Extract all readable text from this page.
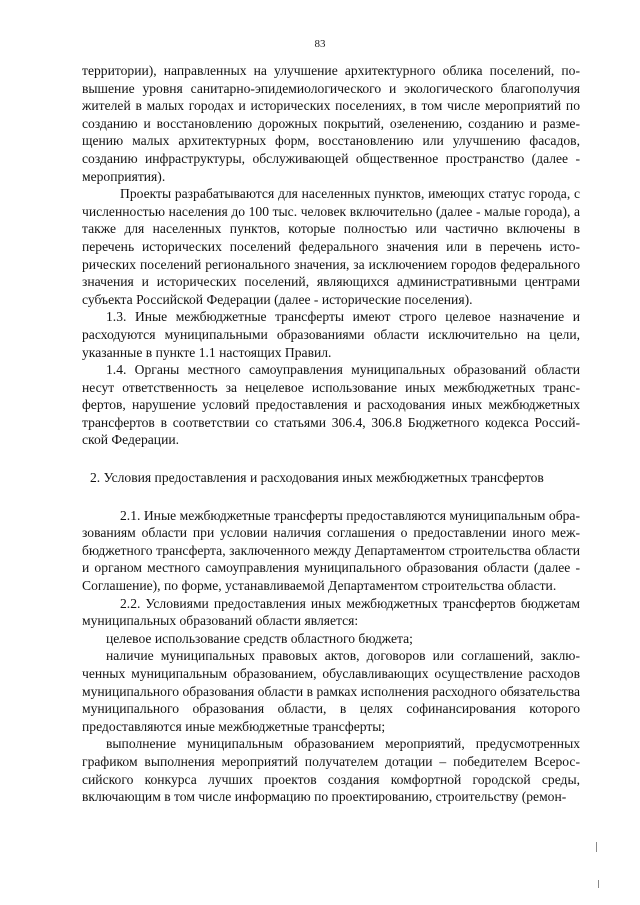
83

территории), направленных на улучшение архитектурного облика поселений, повышение уровня санитарно-эпидемиологического и экологического благополучия жителей в малых городах и исторических поселениях, в том числе мероприятий по созданию и восстановлению дорожных покрытий, озеленению, созданию и размещению малых архитектурных форм, восстановлению или улучшению фасадов, созданию инфраструктуры, обслуживающей общественное пространство (далее - мероприятия).

Проекты разрабатываются для населенных пунктов, имеющих статус города, с численностью населения до 100 тыс. человек включительно (далее - малые города), а также для населенных пунктов, которые полностью или частично включены в перечень исторических поселений федерального значения или в перечень исторических поселений регионального значения, за исключением городов федерального значения и исторических поселений, являющихся административными центрами субъекта Российской Федерации (далее - исторические поселения).

1.3. Иные межбюджетные трансферты имеют строго целевое назначение и расходуются муниципальными образованиями области исключительно на цели, указанные в пункте 1.1 настоящих Правил.

1.4. Органы местного самоуправления муниципальных образований области несут ответственность за нецелевое использование иных межбюджетных трансфертов, нарушение условий предоставления и расходования иных межбюджетных трансфертов в соответствии со статьями 306.4, 306.8 Бюджетного кодекса Российской Федерации.

2. Условия предоставления и расходования иных межбюджетных трансфертов

2.1. Иные межбюджетные трансферты предоставляются муниципальным образованиям области при условии наличия соглашения о предоставлении иного межбюджетного трансферта, заключенного между Департаментом строительства области и органом местного самоуправления муниципального образования области (далее - Соглашение), по форме, устанавливаемой Департаментом строительства области.

2.2. Условиями предоставления иных межбюджетных трансфертов бюджетам муниципальных образований области является:

целевое использование средств областного бюджета;

наличие муниципальных правовых актов, договоров или соглашений, заключенных муниципальным образованием, обуславливающих осуществление расходов муниципального образования области в рамках исполнения расходного обязательства муниципального образования области, в целях софинансирования которого предоставляются иные межбюджетные трансферты;

выполнение муниципальным образованием мероприятий, предусмотренных графиком выполнения мероприятий получателем дотации – победителем Всероссийского конкурса лучших проектов создания комфортной городской среды, включающим в том числе информацию по проектированию, строительству (ремон-
